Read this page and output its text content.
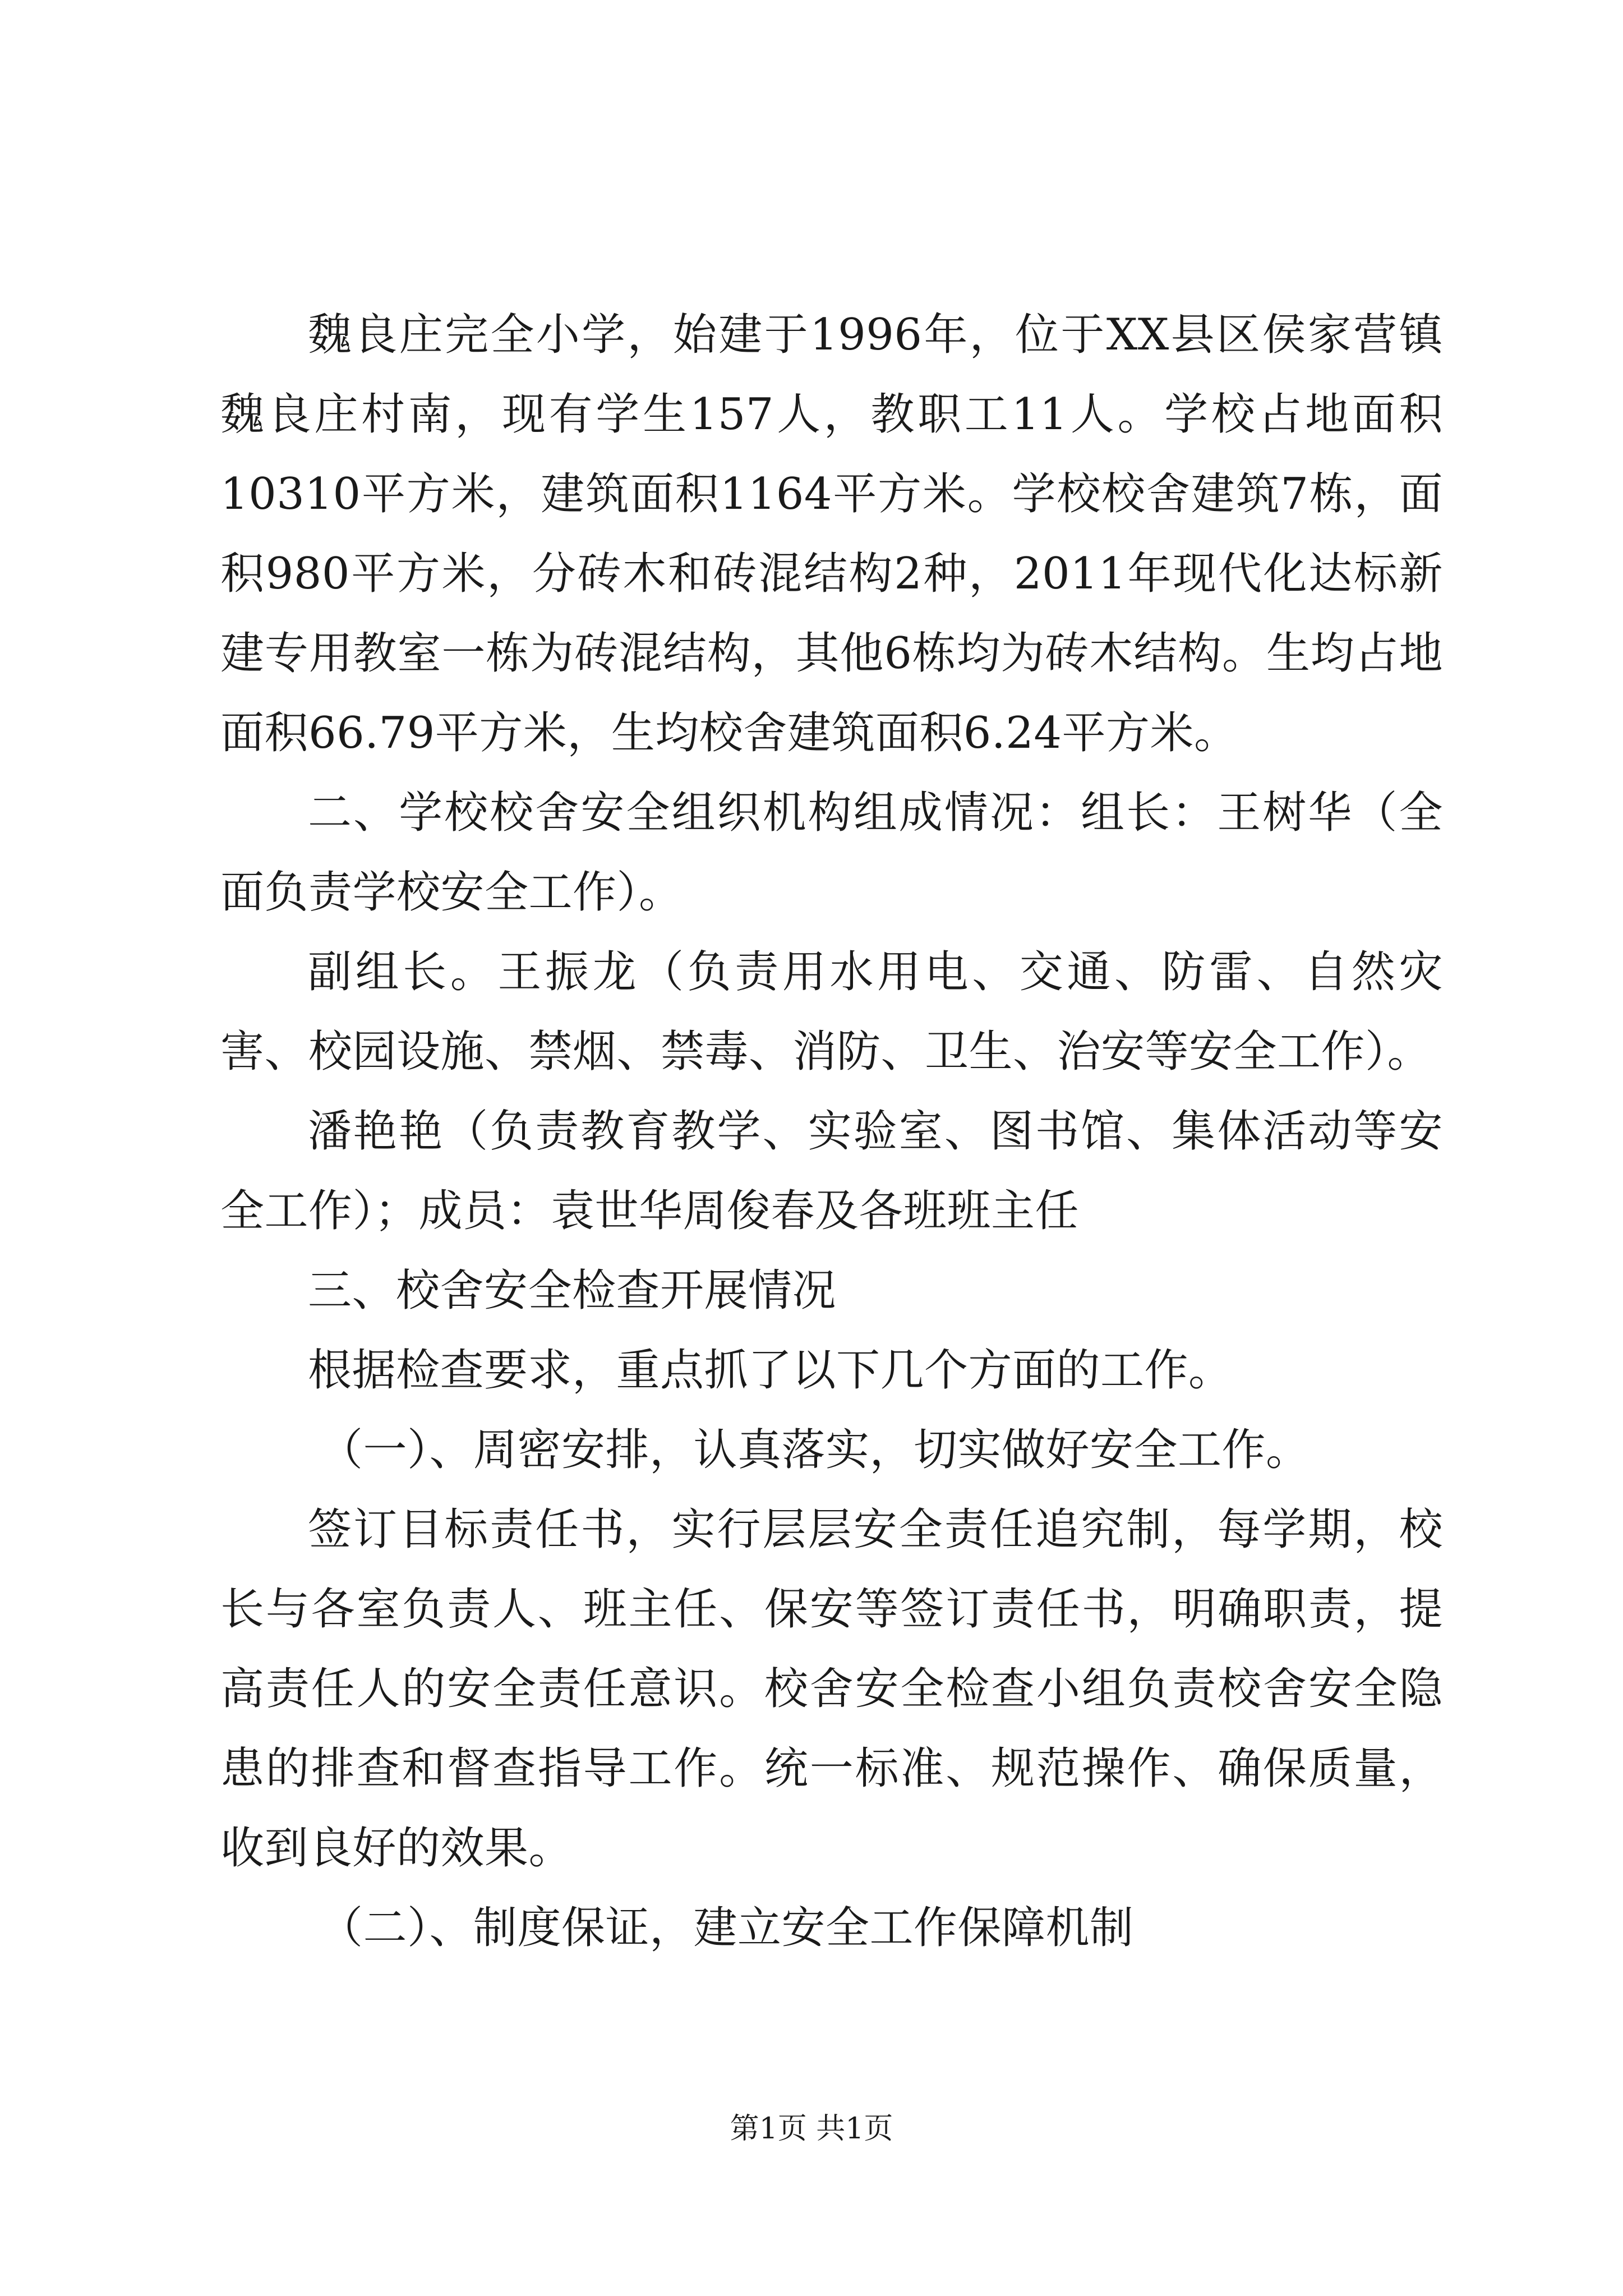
魏良庄完全小学，始建于1996年，位于XX县区侯家营镇魏良庄村南，现有学生157人，教职工11人。学校占地面积10310平方米，建筑面积1164平方米。学校校舍建筑7栋，面积980平方米，分砖木和砖混结构2种，2011年现代化达标新建专用教室一栋为砖混结构，其他6栋均为砖木结构。生均占地面积66.79平方米，生均校舍建筑面积6.24平方米。

二、学校校舍安全组织机构组成情况：组长：王树华（全面负责学校安全工作）。

副组长。王振龙（负责用水用电、交通、防雷、自然灾害、校园设施、禁烟、禁毒、消防、卫生、治安等安全工作）。

潘艳艳（负责教育教学、实验室、图书馆、集体活动等安全工作）；成员：袁世华周俊春及各班班主任

三、校舍安全检查开展情况

根据检查要求，重点抓了以下几个方面的工作。

（一）、周密安排，认真落实，切实做好安全工作。

签订目标责任书，实行层层安全责任追究制，每学期，校长与各室负责人、班主任、保安等签订责任书，明确职责，提高责任人的安全责任意识。校舍安全检查小组负责校舍安全隐患的排查和督查指导工作。统一标准、规范操作、确保质量，收到良好的效果。

（二）、制度保证，建立安全工作保障机制

第1页 共1页
